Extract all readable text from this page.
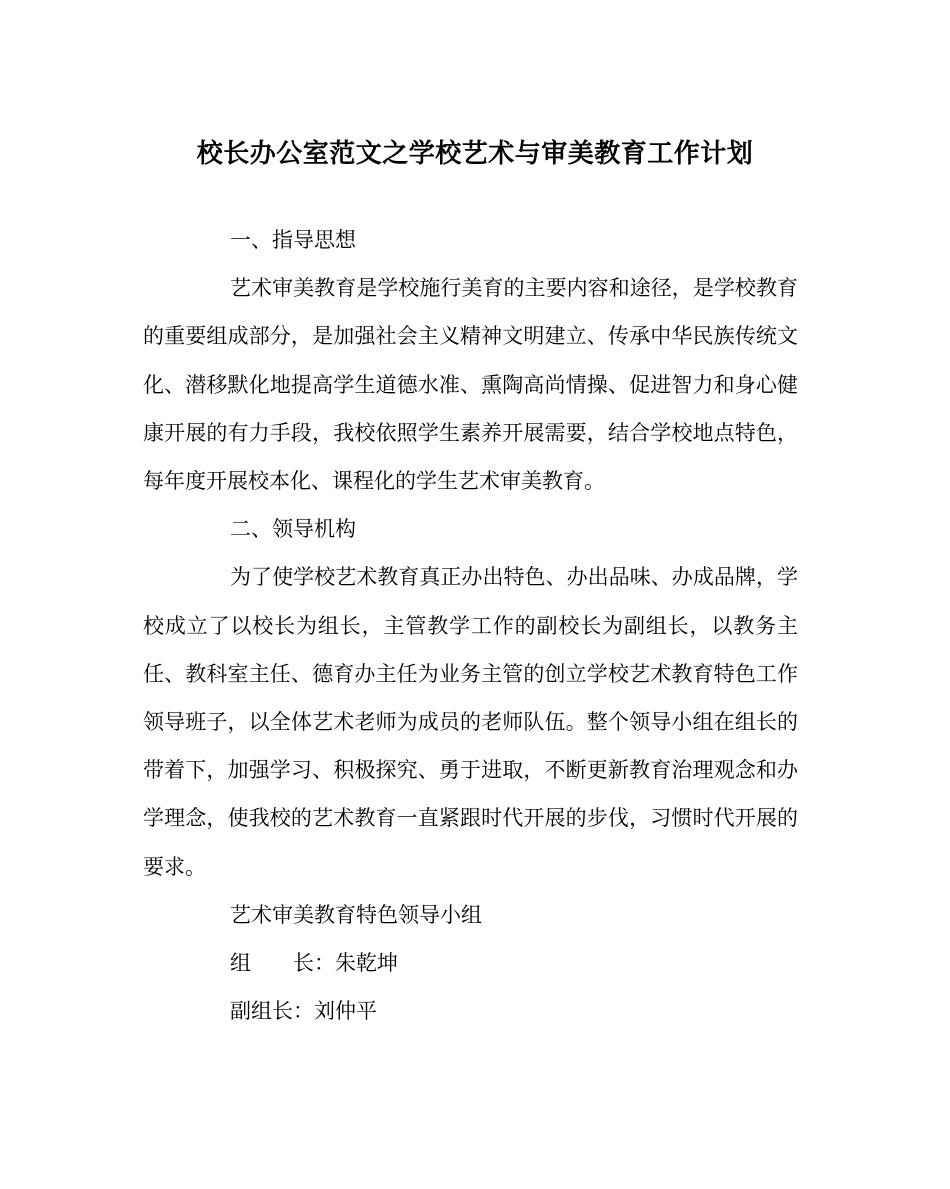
校长办公室范文之学校艺术与审美教育工作计划

一、指导思想

艺术审美教育是学校施行美育的主要内容和途径，是学校教育的重要组成部分，是加强社会主义精神文明建立、传承中华民族传统文化、潜移默化地提高学生道德水准、熏陶高尚情操、促进智力和身心健康开展的有力手段，我校依照学生素养开展需要，结合学校地点特色，每年度开展校本化、课程化的学生艺术审美教育。

二、领导机构

为了使学校艺术教育真正办出特色、办出品味、办成品牌，学校成立了以校长为组长，主管教学工作的副校长为副组长，以教务主任、教科室主任、德育办主任为业务主管的创立学校艺术教育特色工作领导班子，以全体艺术老师为成员的老师队伍。整个领导小组在组长的带着下，加强学习、积极探究、勇于进取，不断更新教育治理观念和办学理念，使我校的艺术教育一直紧跟时代开展的步伐，习惯时代开展的要求。

艺术审美教育特色领导小组

组 长：朱乾坤

副组长：刘仲平
